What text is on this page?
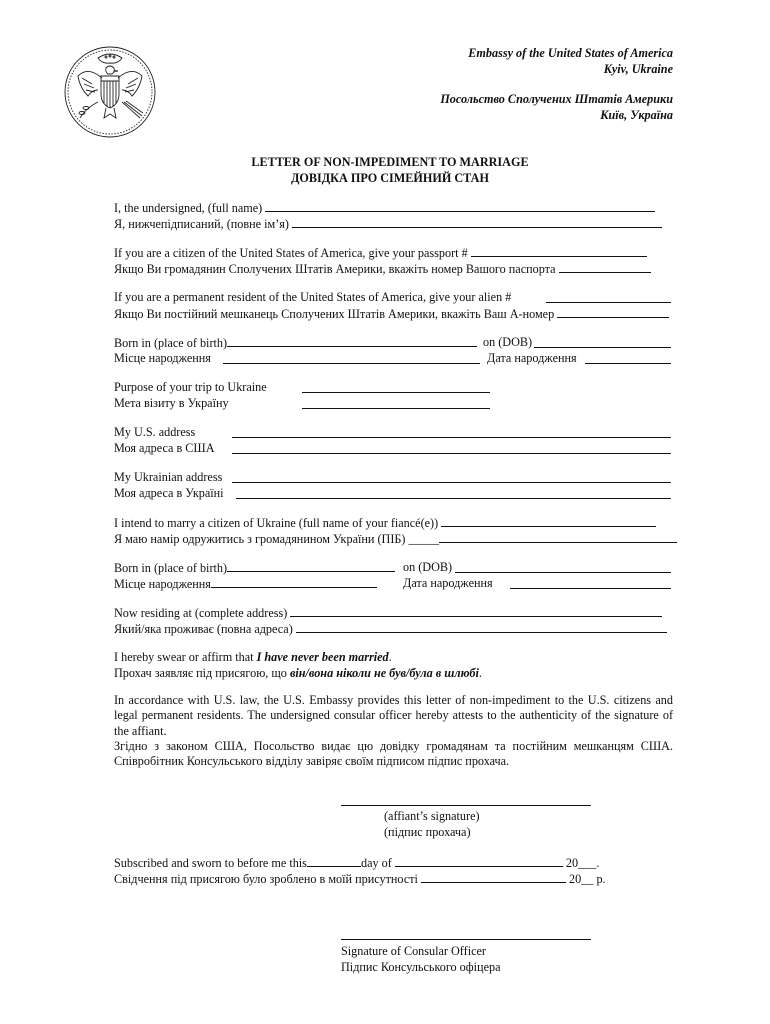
Embassy of the United States of America
Kyiv, Ukraine
Посольство Сполучених Штатів Америки
Київ, Україна
LETTER OF NON-IMPEDIMENT TO MARRIAGE
ДОВІДКА ПРО СІМЕЙНИЙ СТАН
I, the undersigned, (full name)
Я, нижчепідписаний, (повне ім’я)
If you are a citizen of the United States of America, give your passport #
Якщо Ви громадянин Сполучених Штатів Америки, вкажіть номер Вашого паспорта
If you are a permanent resident of the United States of America, give your alien #
Якщо Ви постійний мешканець Сполучених Штатів Америки, вкажіть Ваш А-номер
Born in (place of birth)	on (DOB)
Місце народження	Дата народження
Purpose of your trip to Ukraine
Мета візиту в Україну
My U.S. address
Моя адреса в США
My Ukrainian address
Моя адреса в Україні
I intend to marry a citizen of Ukraine (full name of your fiancé(e))
Я маю намір одружитись з громадянином України (ПІБ) _____
Born in (place of birth)	on (DOB)
Місце народження	Дата народження
Now residing at (complete address)
Який/яка проживає (повна адреса)
I hereby swear or affirm that I have never been married.
Прохач заявляє під присягою, що він/вона ніколи не був/була в шлюбі.
In accordance with U.S. law, the U.S. Embassy provides this letter of non-impediment to the U.S. citizens and legal permanent residents. The undersigned consular officer hereby attests to the authenticity of the signature of the affiant.
Згідно з законом США, Посольство видає цю довідку громадянам та постійним мешканцям США. Співробітник Консульського відділу завіряє своїм підписом підпис прохача.
(affiant’s signature)
(підпис прохача)
Subscribed and sworn to before me this	day of	20___.
Свідчення під присягою було зроблено в моїй присутності	20__ р.
Signature of Consular Officer
Підпис Консульського офіцера
